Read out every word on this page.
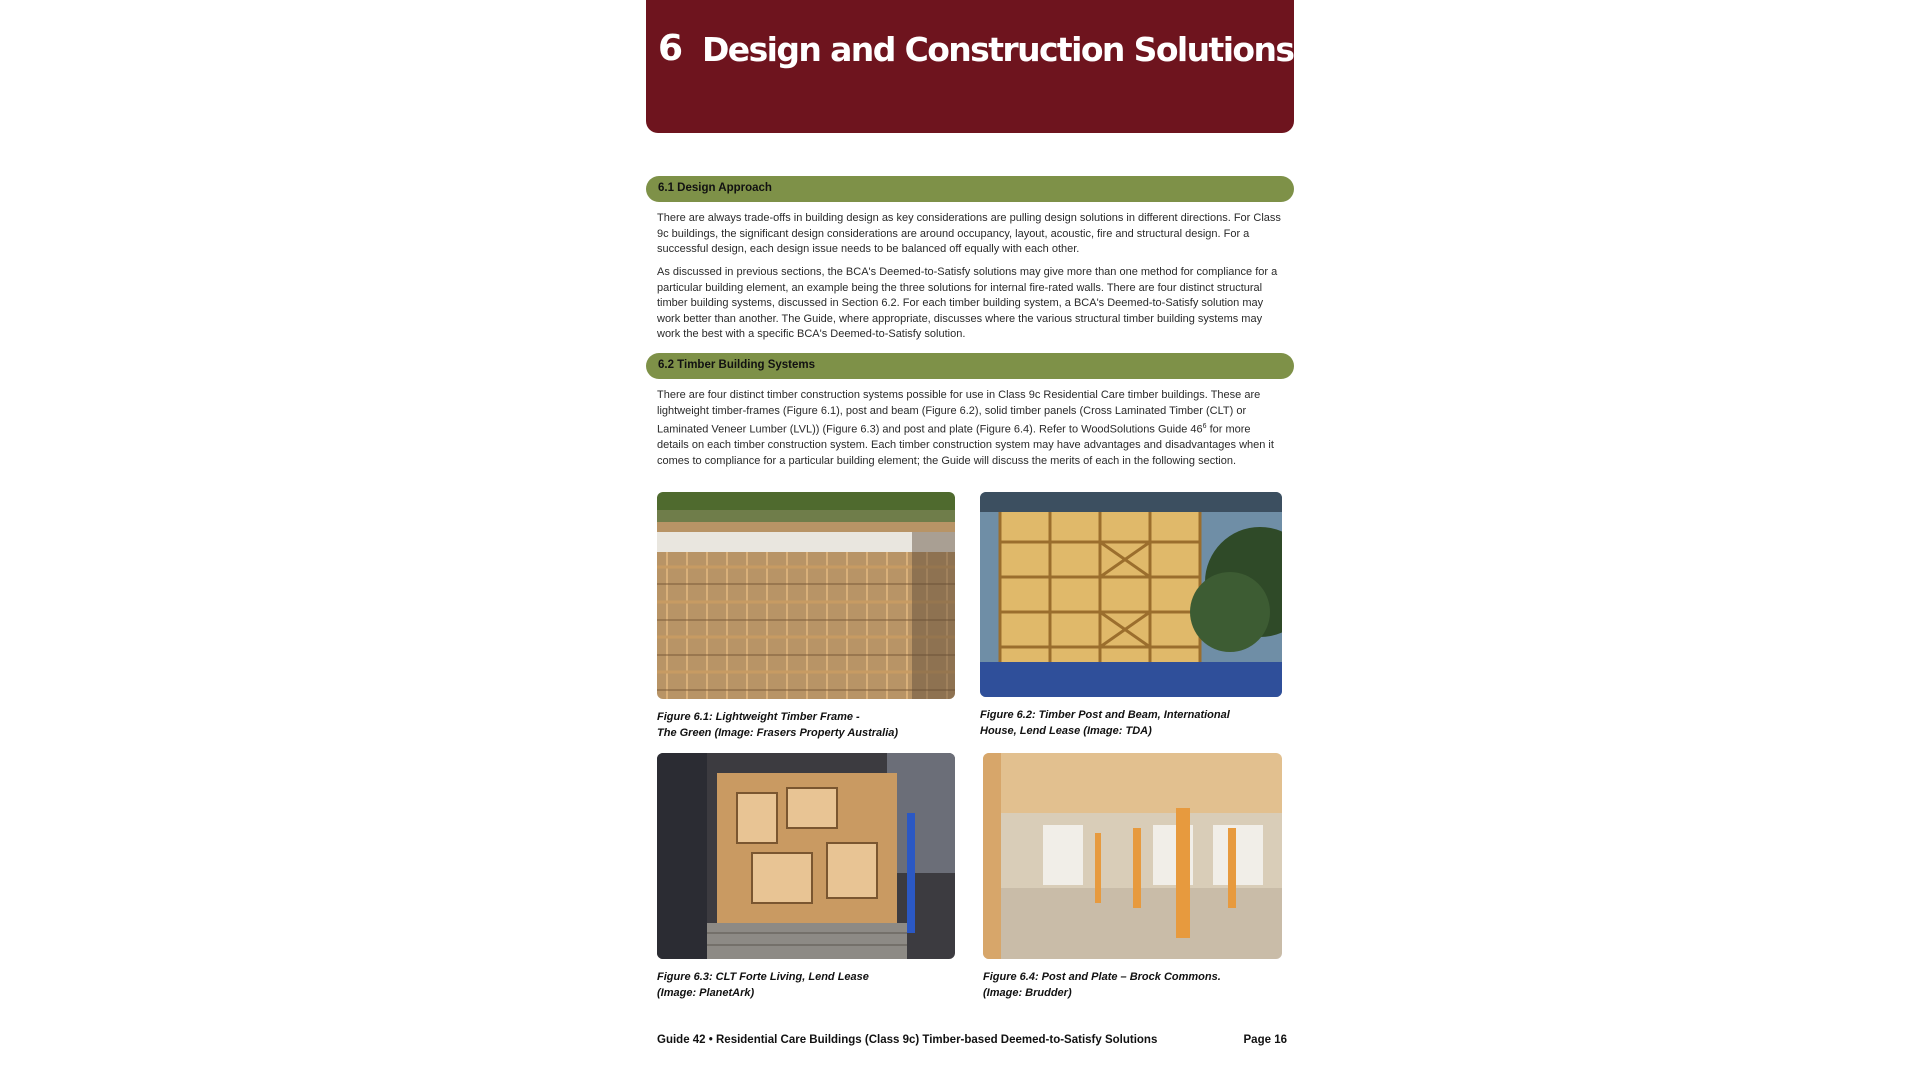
6 Design and Construction Solutions
6.1 Design Approach

There are always trade-offs in building design as key considerations are pulling design solutions in different directions. For Class 9c buildings, the significant design considerations are around occupancy, layout, acoustic, fire and structural design. For a successful design, each design issue needs to be balanced off equally with each other.

As discussed in previous sections, the BCA's Deemed-to-Satisfy solutions may give more than one method for compliance for a particular building element, an example being the three solutions for internal fire-rated walls. There are four distinct structural timber building systems, discussed in Section 6.2. For each timber building system, a BCA's Deemed-to-Satisfy solution may work better than another. The Guide, where appropriate, discusses where the various structural timber building systems may work the best with a specific BCA's Deemed-to-Satisfy solution.

6.2 Timber Building Systems

There are four distinct timber construction systems possible for use in Class 9c Residential Care timber buildings. These are lightweight timber-frames (Figure 6.1), post and beam (Figure 6.2), solid timber panels (Cross Laminated Timber (CLT) or Laminated Veneer Lumber (LVL)) (Figure 6.3) and post and plate (Figure 6.4). Refer to WoodSolutions Guide $46^6$ for more details on each timber construction system. Each timber construction system may have advantages and disadvantages when it comes to compliance for a particular building element; the Guide will discuss the merits of each in the following section.

Figure 6.1: Lightweight Timber Frame -
The Green (Image: Frasers Property Australia)

Figure 6.2: Timber Post and Beam, International
House, Lend Lease (Image: TDA)

Figure 6.3: CLT Forte Living, Lend Lease
(Image: PlanetArk)

Figure 6.4: Post and Plate – Brock Commons.
(Image: Brudder)

Guide 42 • Residential Care Buildings (Class 9c) Timber-based Deemed-to-Satisfy Solutions	Page 16
